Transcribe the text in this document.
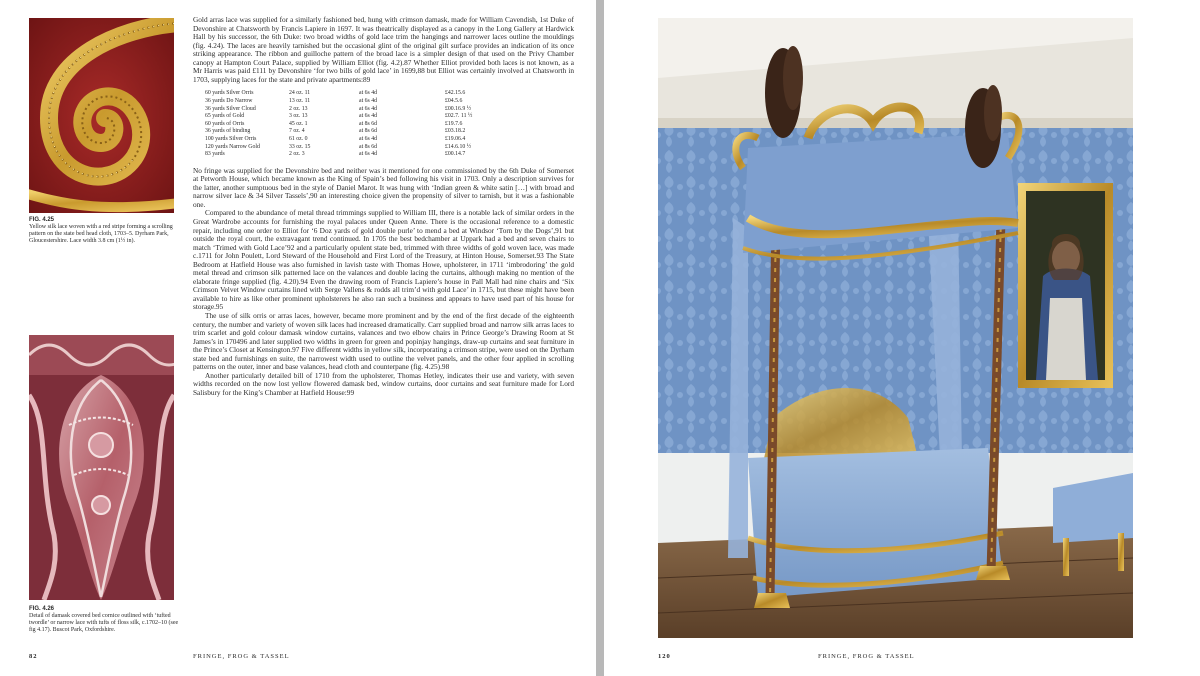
FIG. 4.25
Yellow silk lace woven with a red stripe forming a scrolling pattern on the state bed head cloth, 1703–5. Dyrham Park, Gloucestershire. Lace width 3.8 cm (1½ in).
FIG. 4.26
Detail of damask covered bed cornice outlined with ‘tufted twordle’ or narrow lace with tufts of floss silk, c.1702–10 (see fig 4.17). Buscot Park, Oxfordshire.

Gold arras lace was supplied for a similarly fashioned bed, hung with crimson damask, made for William Cavendish, 1st Duke of Devonshire at Chatsworth by Francis Lapiere in 1697. It was theatrically displayed as a canopy in the Long Gallery at Hardwick Hall by his successor, the 6th Duke: two broad widths of gold lace trim the hangings and narrower laces outline the mouldings (fig. 4.24). The laces are heavily tarnished but the occasional glint of the original gilt surface provides an indication of its once striking appearance. The ribbon and guilloche pattern of the broad lace is a simpler design of that used on the Privy Chamber canopy at Hampton Court Palace, supplied by William Elliot (fig. 4.2).87 Whether Elliot provided both laces is not known, as a Mr Harris was paid £111 by Devonshire ‘for two bills of gold lace’ in 1699,88 but Elliot was certainly involved at Chatsworth in 1703, supplying laces for the state and private apartments:89

60 yards Silver Orris	24 oz. 11	at 6s 4d	£42.15.6
36 yards Do Narrow	13 oz. 11	at 6s 4d	£04.5.6
36 yards Silver Cloud	2 oz. 13	at 6s 4d	£00.16.9 ½
65 yards of Gold	3 oz. 13	at 6s 4d	£02.7. 11 ½
60 yards of Orris	45 oz. 1	at 8s 6d	£19.7.6
36 yards of binding	7 oz. 4	at 8s 6d	£03.18.2
100 yards Silver Orris	61 oz. 0	at 6s 4d	£19.06.4
120 yards Narrow Gold	33 oz. 15	at 8s 6d	£14.6.10 ½
83 yards	2 oz. 3	at 6s 4d	£00.14.7

No fringe was supplied for the Devonshire bed and neither was it mentioned for one commissioned by the 6th Duke of Somerset at Petworth House, which became known as the King of Spain’s bed following his visit in 1703. Only a description survives for the latter, another sumptuous bed in the style of Daniel Marot. It was hung with ‘Indian green & white satin […] with broad and narrow silver lace & 34 Silver Tassels’,90 an interesting choice given the propensity of silver to tarnish, but it was a fashionable one.

Compared to the abundance of metal thread trimmings supplied to William III, there is a notable lack of similar orders in the Great Wardrobe accounts for furnishing the royal palaces under Queen Anne. There is the occasional reference to a domestic repair, including one order to Elliot for ‘6 Doz yards of gold double purle’ to mend a bed at Windsor ‘Torn by the Dogs’,91 but outside the royal court, the extravagant trend continued. In 1705 the best bedchamber at Uppark had a bed and seven chairs to match ‘Trimed with Gold Lace’92 and a particularly opulent state bed, trimmed with three widths of gold woven lace, was made c.1711 for John Poulett, Lord Steward of the Household and First Lord of the Treasury, at Hinton House, Somerset.93 The State Bedroom at Hatfield House was also furnished in lavish taste with Thomas Howe, upholsterer, in 1711 ‘imbrodoring’ the gold metal thread and crimson silk patterned lace on the valances and double lacing the curtains, although making no mention of the elaborate fringe supplied (fig. 4.20).94 Even the drawing room of Francis Lapiere’s house in Pall Mall had nine chairs and ‘Six Crimson Velvet Window curtains lined with Serge Vallens & rodds all trim’d with gold Lace’ in 1715, but these might have been available to hire as like other prominent upholsterers he also ran such a business and appears to have used part of his house for storage.95

The use of silk orris or arras laces, however, became more prominent and by the end of the first decade of the eighteenth century, the number and variety of woven silk laces had increased dramatically. Carr supplied broad and narrow silk arras laces to trim scarlet and gold colour damask window curtains, valances and two elbow chairs in Prince George’s Drawing Room at St James’s in 170496 and later supplied two widths in green for green and popinjay hangings, draw-up curtains and seat furniture in the Prince’s Closet at Kensington.97 Five different widths in yellow silk, incorporating a crimson stripe, were used on the Dyrham state bed and furnishings en suite, the narrowest width used to outline the velvet panels, and the other four applied in scrolling patterns on the outer, inner and base valances, head cloth and counterpane (fig. 4.25).98

Another particularly detailed bill of 1710 from the upholsterer, Thomas Hetley, indicates their use and variety, with seven widths recorded on the now lost yellow flowered damask bed, window curtains, door curtains and seat furniture made for Lord Salisbury for the King’s Chamber at Hatfield House:99

82	FRINGE, FROG & TASSEL	120	FRINGE, FROG & TASSEL
